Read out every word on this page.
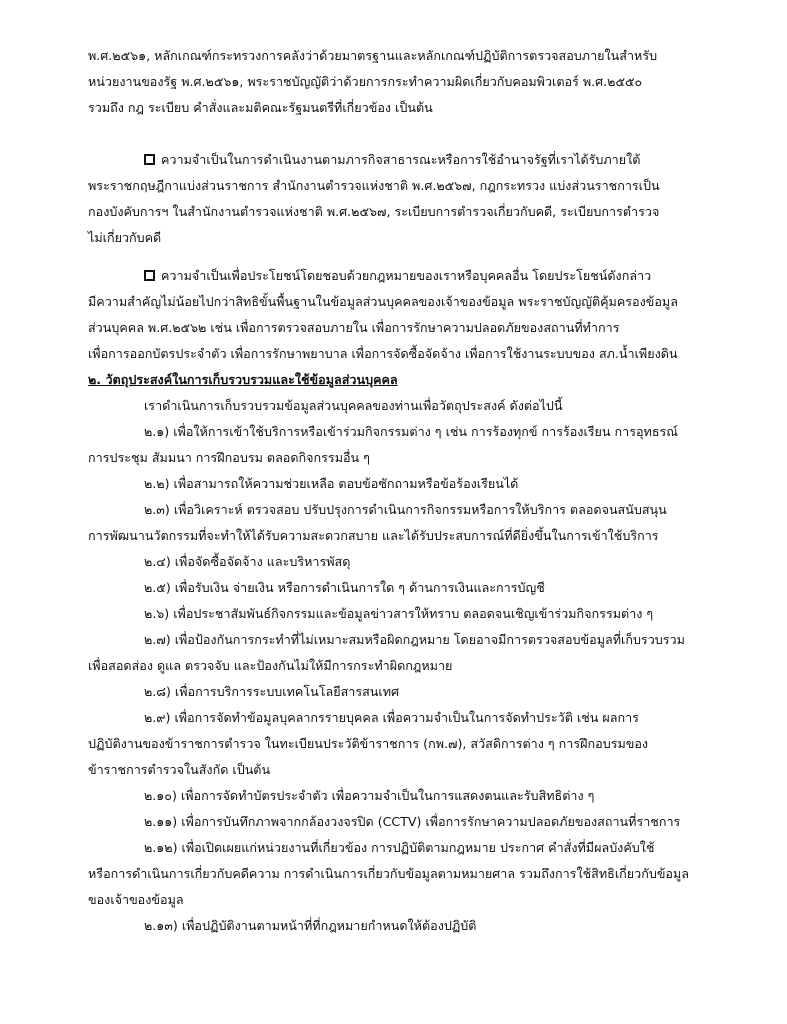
พ.ศ.๒๕๖๑, หลักเกณฑ์กระทรวงการคลังว่าด้วยมาตรฐานและหลักเกณฑ์ปฏิบัติการตรวจสอบภายในสำหรับ
หน่วยงานของรัฐ พ.ศ.๒๕๖๑, พระราชบัญญัติว่าด้วยการกระทำความผิดเกี่ยวกับคอมพิวเตอร์ พ.ศ.๒๕๕๐
รวมถึง กฎ ระเบียบ คำสั่งและมติคณะรัฐมนตรีที่เกี่ยวข้อง เป็นต้น
ความจำเป็นในการดำเนินงานตามภารกิจสาธารณะหรือการใช้อำนาจรัฐที่เราได้รับภายใต้
พระราชกฤษฎีกาแบ่งส่วนราชการ สำนักงานตำรวจแห่งชาติ พ.ศ.๒๕๖๗, กฎกระทรวง แบ่งส่วนราชการเป็น
กองบังคับการฯ ในสำนักงานตำรวจแห่งชาติ พ.ศ.๒๕๖๗, ระเบียบการตำรวจเกี่ยวกับคดี, ระเบียบการตำรวจ
ไม่เกี่ยวกับคดี
ความจำเป็นเพื่อประโยชน์โดยชอบด้วยกฎหมายของเราหรือบุคคลอื่น โดยประโยชน์ดังกล่าว
มีความสำคัญไม่น้อยไปกว่าสิทธิขั้นพื้นฐานในข้อมูลส่วนบุคคลของเจ้าของข้อมูล พระราชบัญญัติคุ้มครองข้อมูล
ส่วนบุคคล พ.ศ.๒๕๖๒ เช่น เพื่อการตรวจสอบภายใน เพื่อการรักษาความปลอดภัยของสถานที่ทำการ
เพื่อการออกบัตรประจำตัว เพื่อการรักษาพยาบาล เพื่อการจัดซื้อจัดจ้าง เพื่อการใช้งานระบบของ สภ.น้ำเพียงดิน
๒. วัตถุประสงค์ในการเก็บรวบรวมและใช้ข้อมูลส่วนบุคคล
เราดำเนินการเก็บรวบรวมข้อมูลส่วนบุคคลของท่านเพื่อวัตถุประสงค์ ดังต่อไปนี้
๒.๑) เพื่อให้การเข้าใช้บริการหรือเข้าร่วมกิจกรรมต่าง ๆ เช่น การร้องทุกข์ การร้องเรียน การอุทธรณ์
การประชุม สัมมนา การฝึกอบรม ตลอดกิจกรรมอื่น ๆ
๒.๒) เพื่อสามารถให้ความช่วยเหลือ ตอบข้อซักถามหรือข้อร้องเรียนได้
๒.๓) เพื่อวิเคราะห์ ตรวจสอบ ปรับปรุงการดำเนินการกิจกรรมหรือการให้บริการ ตลอดจนสนับสนุน
การพัฒนานวัตกรรมที่จะทำให้ได้รับความสะดวกสบาย และได้รับประสบการณ์ที่ดียิ่งขึ้นในการเข้าใช้บริการ
๒.๔) เพื่อจัดซื้อจัดจ้าง และบริหารพัสดุ
๒.๕) เพื่อรับเงิน จ่ายเงิน หรือการดำเนินการใด ๆ ด้านการเงินและการบัญชี
๒.๖) เพื่อประชาสัมพันธ์กิจกรรมและข้อมูลข่าวสารให้ทราบ ตลอดจนเชิญเข้าร่วมกิจกรรมต่าง ๆ
๒.๗) เพื่อป้องกันการกระทำที่ไม่เหมาะสมหรือผิดกฎหมาย โดยอาจมีการตรวจสอบข้อมูลที่เก็บรวบรวม
เพื่อสอดส่อง ดูแล ตรวจจับ และป้องกันไม่ให้มีการกระทำผิดกฎหมาย
๒.๘) เพื่อการบริการระบบเทคโนโลยีสารสนเทศ
๒.๙) เพื่อการจัดทำข้อมูลบุคลากรรายบุคคล เพื่อความจำเป็นในการจัดทำประวัติ เช่น ผลการ
ปฏิบัติงานของข้าราชการตำรวจ ในทะเบียนประวัติข้าราชการ (กพ.๗), สวัสดิการต่าง ๆ การฝึกอบรมของ
ข้าราชการตำรวจในสังกัด เป็นต้น
๒.๑๐) เพื่อการจัดทำบัตรประจำตัว เพื่อความจำเป็นในการแสดงตนและรับสิทธิต่าง ๆ
๒.๑๑) เพื่อการบันทึกภาพจากกล้องวงจรปิด (CCTV) เพื่อการรักษาความปลอดภัยของสถานที่ราชการ
๒.๑๒) เพื่อเปิดเผยแก่หน่วยงานที่เกี่ยวข้อง การปฏิบัติตามกฎหมาย ประกาศ คำสั่งที่มีผลบังคับใช้
หรือการดำเนินการเกี่ยวกับคดีความ การดำเนินการเกี่ยวกับข้อมูลตามหมายศาล รวมถึงการใช้สิทธิเกี่ยวกับข้อมูล
ของเจ้าของข้อมูล
๒.๑๓) เพื่อปฏิบัติงานตามหน้าที่ที่กฎหมายกำหนดให้ต้องปฏิบัติ
